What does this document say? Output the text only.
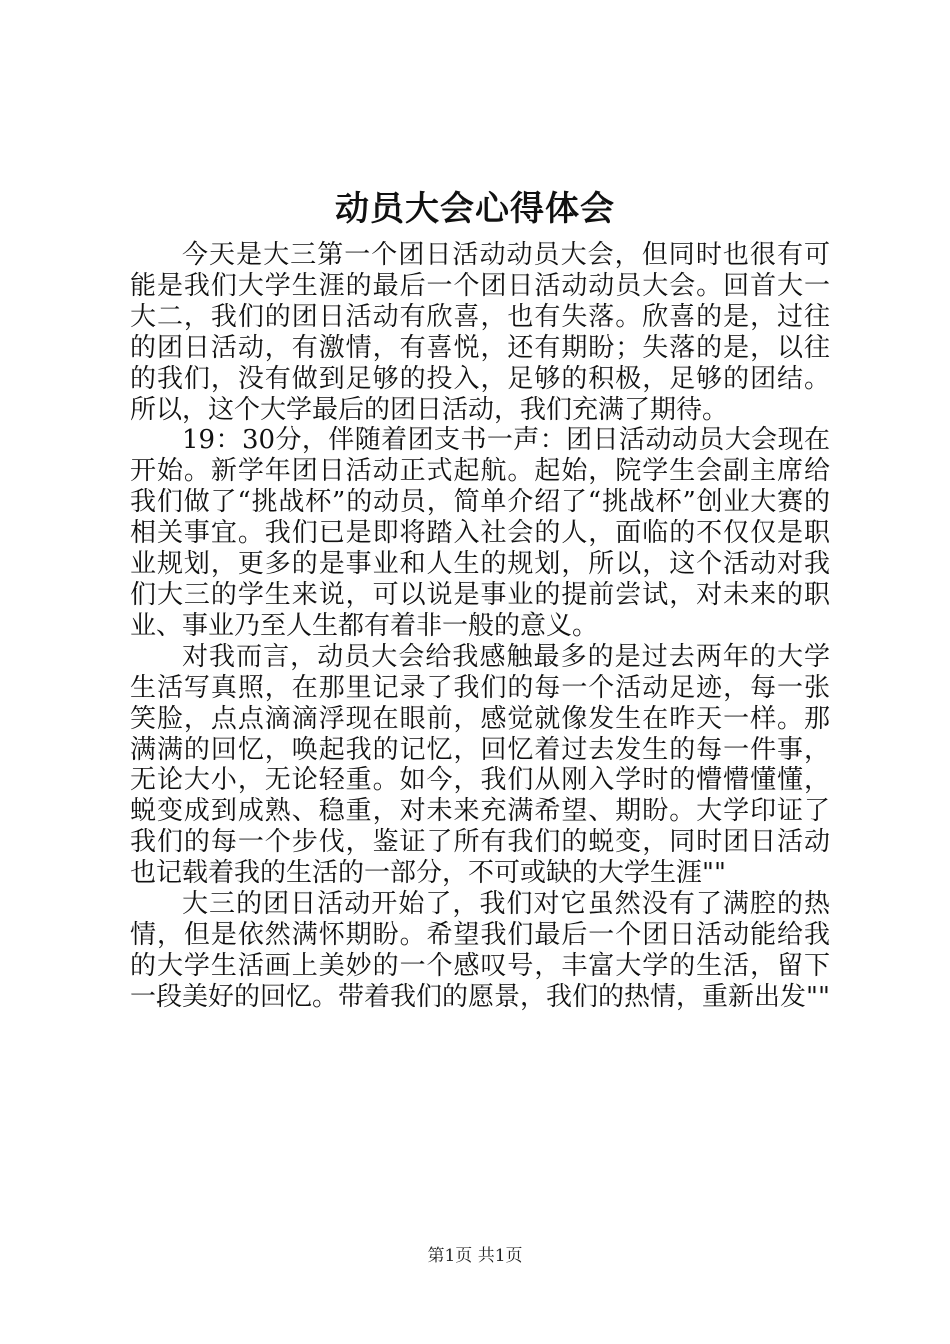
动员大会心得体会

今天是大三第一个团日活动动员大会，但同时也很有可能是我们大学生涯的最后一个团日活动动员大会。回首大一大二，我们的团日活动有欣喜，也有失落。欣喜的是，过往的团日活动，有激情，有喜悦，还有期盼；失落的是，以往的我们，没有做到足够的投入，足够的积极，足够的团结。所以，这个大学最后的团日活动，我们充满了期待。

19：30分，伴随着团支书一声：团日活动动员大会现在开始。新学年团日活动正式起航。起始，院学生会副主席给我们做了“挑战杯”的动员，简单介绍了“挑战杯”创业大赛的相关事宜。我们已是即将踏入社会的人，面临的不仅仅是职业规划，更多的是事业和人生的规划，所以，这个活动对我们大三的学生来说，可以说是事业的提前尝试，对未来的职业、事业乃至人生都有着非一般的意义。

对我而言，动员大会给我感触最多的是过去两年的大学生活写真照，在那里记录了我们的每一个活动足迹，每一张笑脸，点点滴滴浮现在眼前，感觉就像发生在昨天一样。那满满的回忆，唤起我的记忆，回忆着过去发生的每一件事，无论大小，无论轻重。如今，我们从刚入学时的懵懵懂懂，蜕变成到成熟、稳重，对未来充满希望、期盼。大学印证了我们的每一个步伐，鉴证了所有我们的蜕变，同时团日活动也记载着我的生活的一部分，不可或缺的大学生涯""

大三的团日活动开始了，我们对它虽然没有了满腔的热情，但是依然满怀期盼。希望我们最后一个团日活动能给我的大学生活画上美妙的一个感叹号，丰富大学的生活，留下一段美好的回忆。带着我们的愿景，我们的热情，重新出发""

第1页 共1页
